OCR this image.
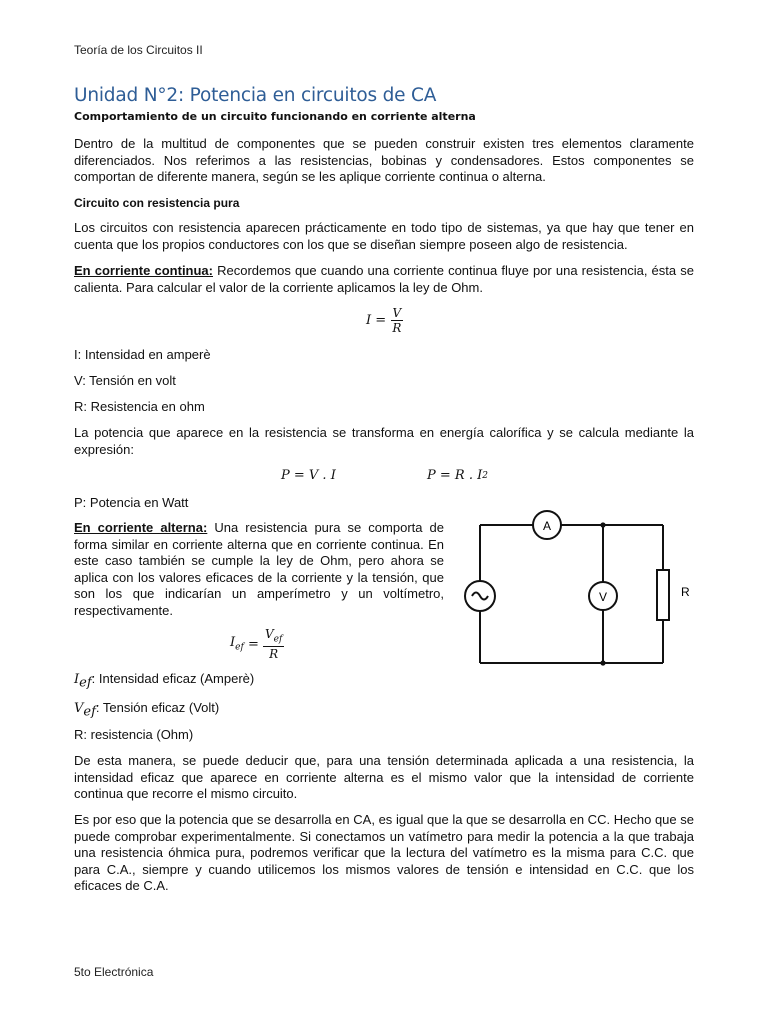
Teoría de los Circuitos II
Unidad N°2: Potencia en circuitos de CA
Comportamiento de un circuito funcionando en corriente alterna

Dentro de la multitud de componentes que se pueden construir existen tres elementos claramente diferenciados. Nos referimos a las resistencias, bobinas y condensadores. Estos componentes se comportan de diferente manera, según se les aplique corriente continua o alterna.

Circuito con resistencia pura

Los circuitos con resistencia aparecen prácticamente en todo tipo de sistemas, ya que hay que tener en cuenta que los propios conductores con los que se diseñan siempre poseen algo de resistencia.

En corriente continua: Recordemos que cuando una corriente continua fluye por una resistencia, ésta se calienta. Para calcular el valor de la corriente aplicamos la ley de Ohm.

I =
$\frac{V}{R}$
I: Intensidad en amperè
V: Tensión en volt
R: Resistencia en ohm

La potencia que aparece en la resistencia se transforma en energía calorífica y se calcula mediante la expresión:

P = V . I	P = R . I 2
P: Potencia en Watt

En corriente alterna: Una resistencia pura se comporta de forma similar en corriente alterna que en corriente continua. En este caso también se cumple la ley de Ohm, pero ahora se aplica con los valores eficaces de la corriente y la tensión, que son los que indicarían un amperímetro y un voltímetro, respectivamente.

$I_{ef}$
=
$\frac{V_{ef}}{R}$
$I_{ef}$: Intensidad eficaz (Amperè)
$V_{ef}$: Tensión eficaz (Volt)
R: resistencia (Ohm)
A
V	R

De esta manera, se puede deducir que, para una tensión determinada aplicada a una resistencia, la intensidad eficaz que aparece en corriente alterna es el mismo valor que la intensidad de corriente continua que recorre el mismo circuito.

Es por eso que la potencia que se desarrolla en CA, es igual que la que se desarrolla en CC. Hecho que se puede comprobar experimentalmente. Si conectamos un vatímetro para medir la potencia a la que trabaja una resistencia óhmica pura, podremos verificar que la lectura del vatímetro es la misma para C.C. que para C.A., siempre y cuando utilicemos los mismos valores de tensión e intensidad en C.C. que los eficaces de C.A.

5to Electrónica
